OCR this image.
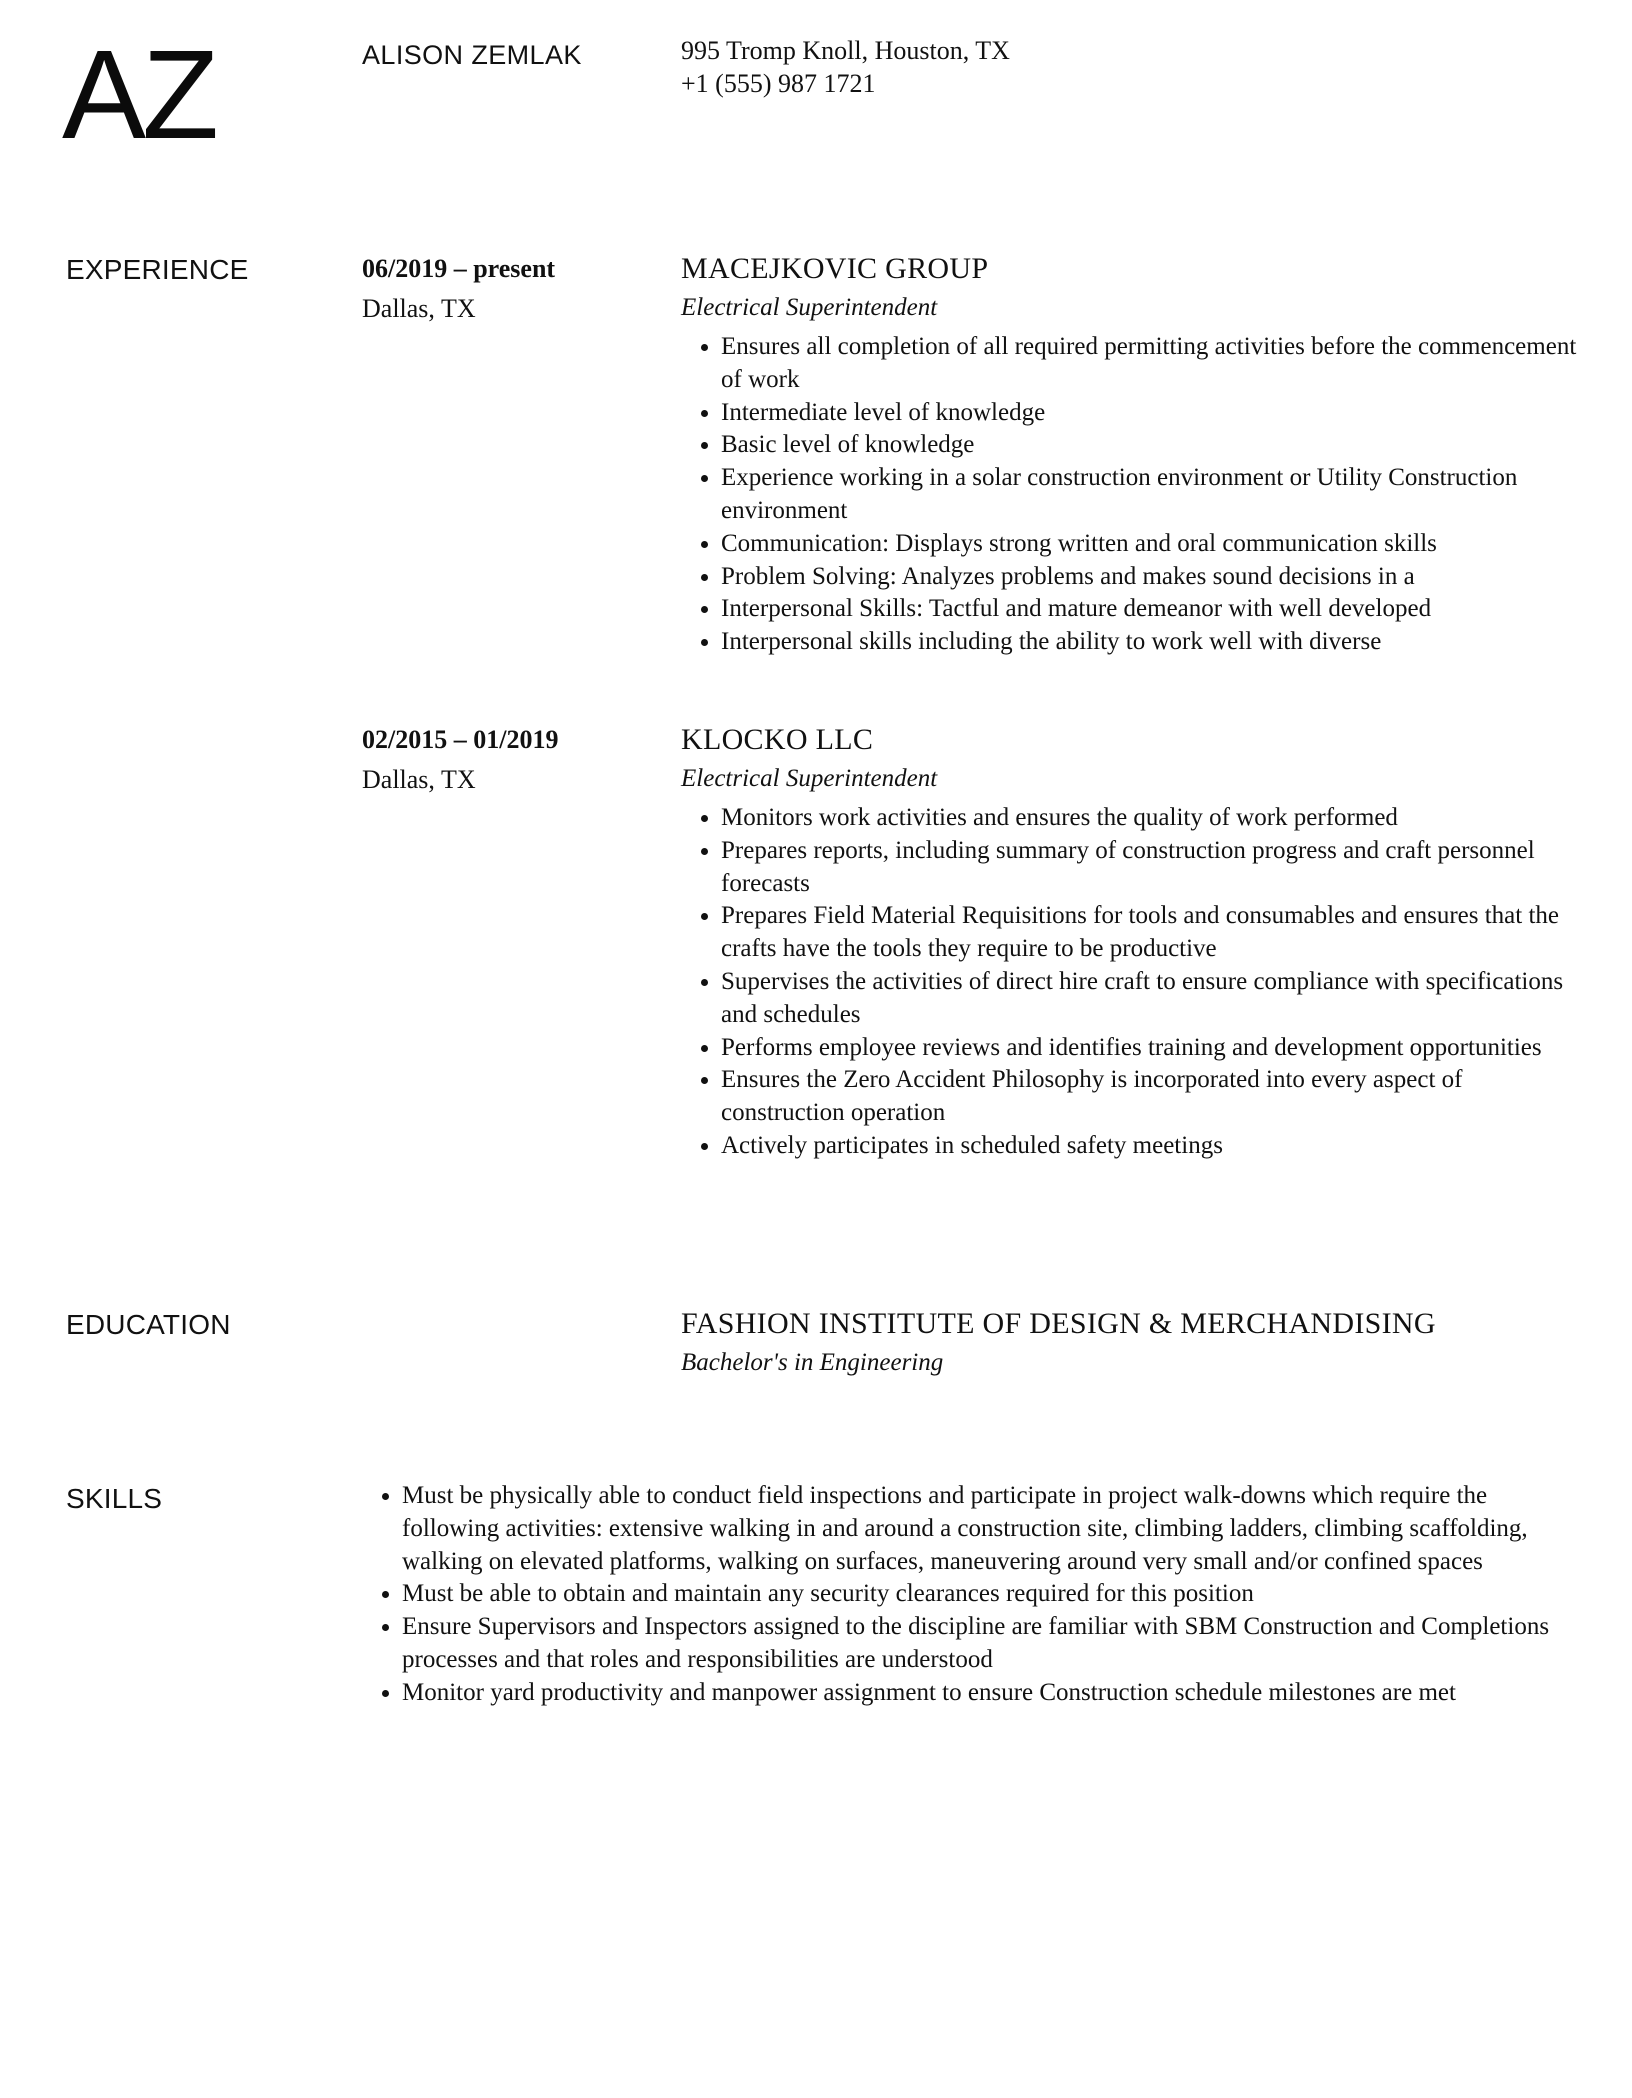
AZ	ALISON ZEMLAK	995 Tromp Knoll, Houston, TX
+1 (555) 987 1721
EXPERIENCE	06/2019 – present
Dallas, TX
MACEJKOVIC GROUP
Electrical Superintendent
Ensures all completion of all required permitting activities before the commencement of work
Intermediate level of knowledge
Basic level of knowledge
Experience working in a solar construction environment or Utility Construction environment
Communication: Displays strong written and oral communication skills
Problem Solving: Analyzes problems and makes sound decisions in a
Interpersonal Skills: Tactful and mature demeanor with well developed
Interpersonal skills including the ability to work well with diverse
02/2015 – 01/2019
Dallas, TX
KLOCKO LLC
Electrical Superintendent
Monitors work activities and ensures the quality of work performed
Prepares reports, including summary of construction progress and craft personnel forecasts
Prepares Field Material Requisitions for tools and consumables and ensures that the crafts have the tools they require to be productive
Supervises the activities of direct hire craft to ensure compliance with specifications and schedules
Performs employee reviews and identifies training and development opportunities
Ensures the Zero Accident Philosophy is incorporated into every aspect of construction operation
Actively participates in scheduled safety meetings
EDUCATION	FASHION INSTITUTE OF DESIGN & MERCHANDISING
Bachelor's in Engineering
SKILLS	Must be physically able to conduct field inspections and participate in project walk-downs which require the following activities: extensive walking in and around a construction site, climbing ladders, climbing scaffolding, walking on elevated platforms, walking on surfaces, maneuvering around very small and/or confined spaces
Must be able to obtain and maintain any security clearances required for this position
Ensure Supervisors and Inspectors assigned to the discipline are familiar with SBM Construction and Completions processes and that roles and responsibilities are understood
Monitor yard productivity and manpower assignment to ensure Construction schedule milestones are met
